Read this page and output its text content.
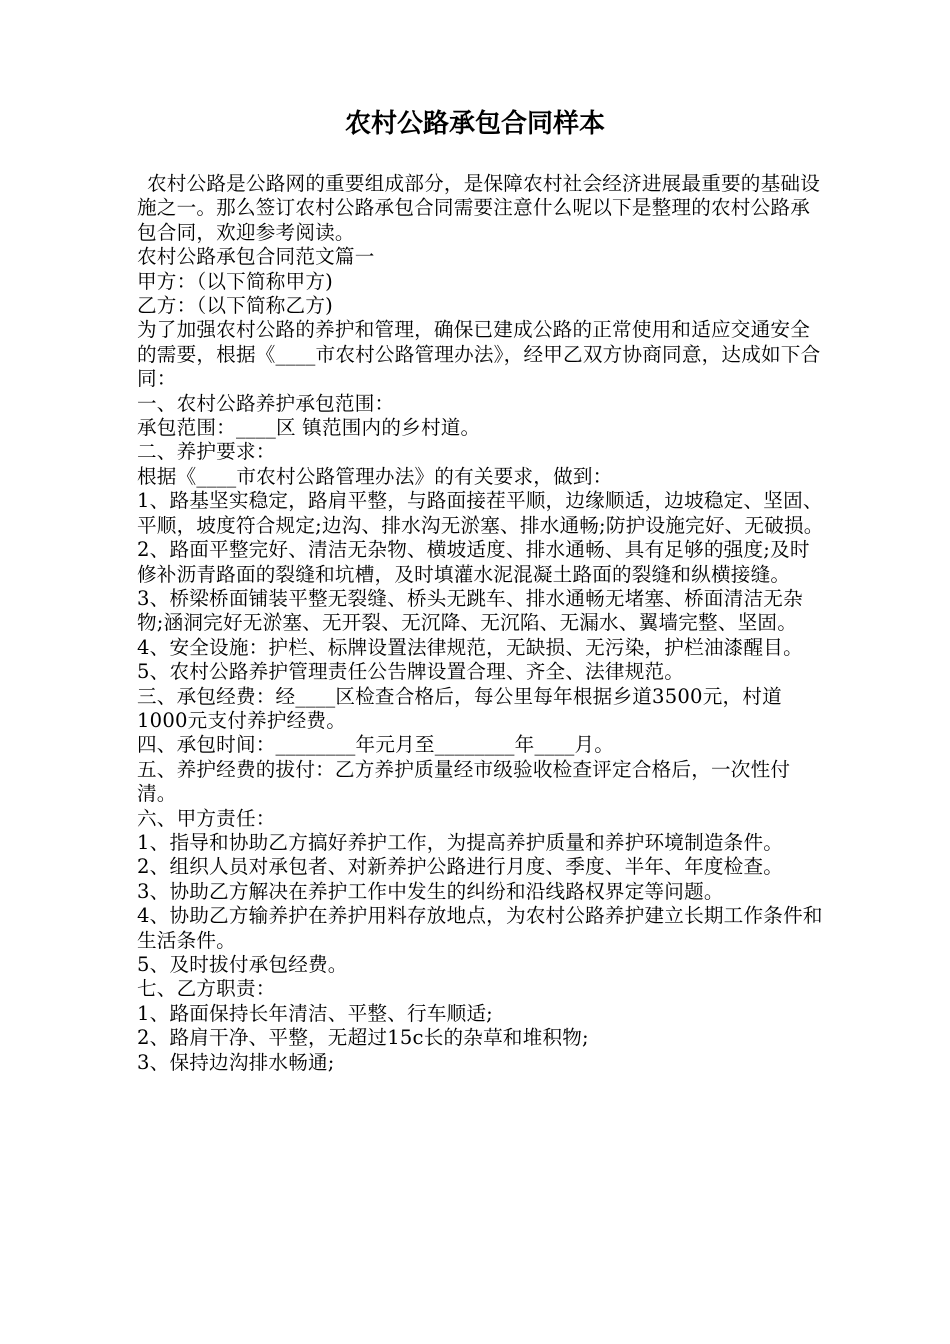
农村公路承包合同样本

农村公路是公路网的重要组成部分，是保障农村社会经济进展最重要的基础设施之一。那么签订农村公路承包合同需要注意什么呢以下是整理的农村公路承包合同，欢迎参考阅读。

农村公路承包合同范文篇一

甲方：（以下简称甲方)

乙方：（以下简称乙方)

为了加强农村公路的养护和管理，确保已建成公路的正常使用和适应交通安全的需要，根据《____市农村公路管理办法》，经甲乙双方协商同意，达成如下合同：

一、农村公路养护承包范围：

承包范围：____区 镇范围内的乡村道。

二、养护要求：

根据《____市农村公路管理办法》的有关要求，做到：

1、路基坚实稳定，路肩平整，与路面接茬平顺，边缘顺适，边坡稳定、坚固、平顺，坡度符合规定;边沟、排水沟无淤塞、排水通畅;防护设施完好、无破损。

2、路面平整完好、清洁无杂物、横坡适度、排水通畅、具有足够的强度;及时修补沥青路面的裂缝和坑槽，及时填灌水泥混凝土路面的裂缝和纵横接缝。

3、桥梁桥面铺装平整无裂缝、桥头无跳车、排水通畅无堵塞、桥面清洁无杂物;涵洞完好无淤塞、无开裂、无沉降、无沉陷、无漏水、翼墙完整、坚固。

4、安全设施：护栏、标牌设置法律规范，无缺损、无污染，护栏油漆醒目。

5、农村公路养护管理责任公告牌设置合理、齐全、法律规范。

三、承包经费：经____区检查合格后，每公里每年根据乡道3500元，村道1000元支付养护经费。

四、承包时间：________年元月至________年____月。

五、养护经费的拔付：乙方养护质量经市级验收检查评定合格后，一次性付清。

六、甲方责任：

1、指导和协助乙方搞好养护工作，为提高养护质量和养护环境制造条件。

2、组织人员对承包者、对新养护公路进行月度、季度、半年、年度检查。

3、协助乙方解决在养护工作中发生的纠纷和沿线路权界定等问题。

4、协助乙方输养护在养护用料存放地点，为农村公路养护建立长期工作条件和生活条件。

5、及时拔付承包经费。

七、乙方职责：

1、路面保持长年清洁、平整、行车顺适;

2、路肩干净、平整，无超过15c长的杂草和堆积物;

3、保持边沟排水畅通;
